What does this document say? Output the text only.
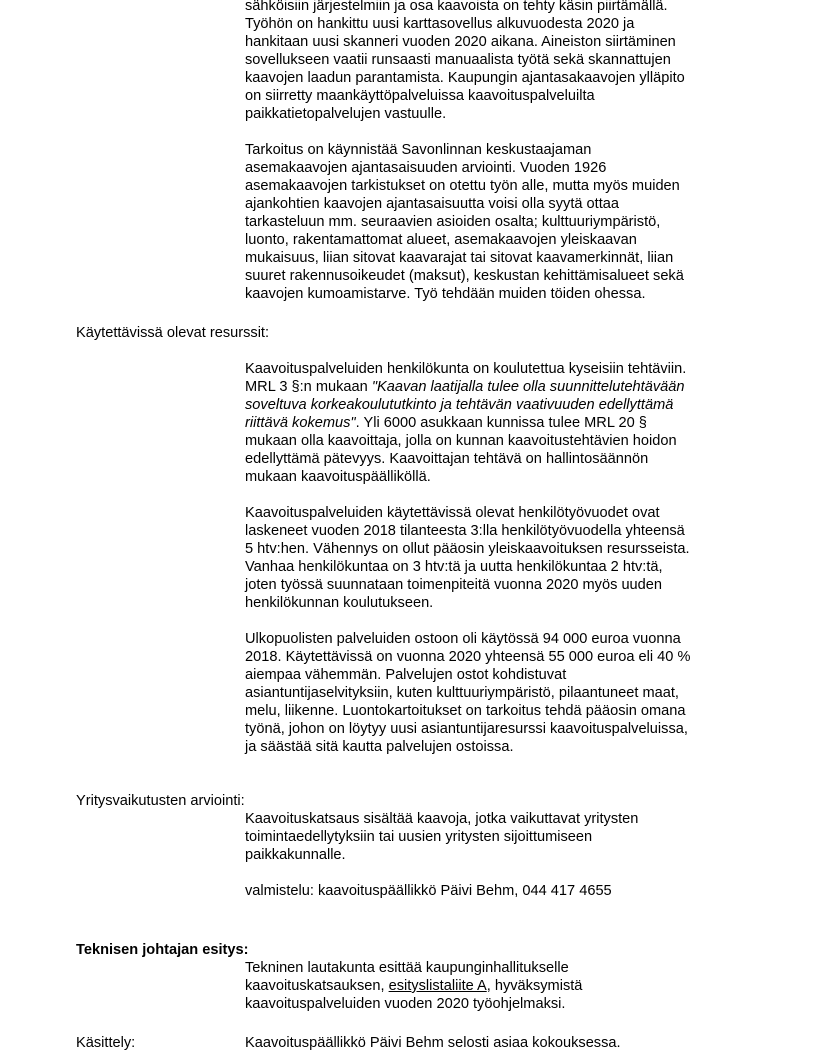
sähköisiin järjestelmiin ja osa kaavoista on tehty käsin piirtämällä.

Työhön on hankittu uusi karttasovellus alkuvuodesta 2020 ja

hankitaan uusi skanneri vuoden 2020 aikana. Aineiston siirtäminen

sovellukseen vaatii runsaasti manuaalista työtä sekä skannattujen

kaavojen laadun parantamista. Kaupungin ajantasakaavojen ylläpito

on siirretty maankäyttöpalveluissa kaavoituspalveluilta

paikkatietopalvelujen vastuulle.

Tarkoitus on käynnistää Savonlinnan keskustaajaman

asemakaavojen ajantasaisuuden arviointi. Vuoden 1926

asemakaavojen tarkistukset on otettu työn alle, mutta myös muiden

ajankohtien kaavojen ajantasaisuutta voisi olla syytä ottaa

tarkasteluun mm. seuraavien asioiden osalta; kulttuuriympäristö,

luonto, rakentamattomat alueet, asemakaavojen yleiskaavan

mukaisuus, liian sitovat kaavarajat tai sitovat kaavamerkinnät, liian

suuret rakennusoikeudet (maksut), keskustan kehittämisalueet sekä

kaavojen kumoamistarve. Työ tehdään muiden töiden ohessa.

Käytettävissä olevat resurssit:

Kaavoituspalveluiden henkilökunta on koulutettua kyseisiin tehtäviin.

MRL 3 §:n mukaan "Kaavan laatijalla tulee olla suunnittelutehtävään

soveltuva korkeakoulututkinto ja tehtävän vaativuuden edellyttämä

riittävä kokemus". Yli 6000 asukkaan kunnissa tulee MRL 20 §

mukaan olla kaavoittaja, jolla on kunnan kaavoitustehtävien hoidon

edellyttämä pätevyys. Kaavoittajan tehtävä on hallintosäännön

mukaan kaavoituspäälliköllä.

Kaavoituspalveluiden käytettävissä olevat henkilötyövuodet ovat

laskeneet vuoden 2018 tilanteesta 3:lla henkilötyövuodella yhteensä

5 htv:hen. Vähennys on ollut pääosin yleiskaavoituksen resursseista.

Vanhaa henkilökuntaa on 3 htv:tä ja uutta henkilökuntaa 2 htv:tä,

joten työssä suunnataan toimenpiteitä vuonna 2020 myös uuden

henkilökunnan koulutukseen.

Ulkopuolisten palveluiden ostoon oli käytössä 94 000 euroa vuonna

2018. Käytettävissä on vuonna 2020 yhteensä 55 000 euroa eli 40 %

aiempaa vähemmän. Palvelujen ostot kohdistuvat

asiantuntijaselvityksiin, kuten kulttuuriympäristö, pilaantuneet maat,

melu, liikenne. Luontokartoitukset on tarkoitus tehdä pääosin omana

työnä, johon on löytyy uusi asiantuntijaresurssi kaavoituspalveluissa,

ja säästää sitä kautta palvelujen ostoissa.

Yritysvaikutusten arviointi:

Kaavoituskatsaus sisältää kaavoja, jotka vaikuttavat yritysten

toimintaedellytyksiin tai uusien yritysten sijoittumiseen

paikkakunnalle.

valmistelu: kaavoituspäällikkö Päivi Behm, 044 417 4655

Teknisen johtajan esitys:

Tekninen lautakunta esittää kaupunginhallitukselle

kaavoituskatsauksen, esityslistaliite A, hyväksymistä

kaavoituspalveluiden vuoden 2020 työohjelmaksi.

Käsittely:	Kaavoituspäällikkö Päivi Behm selosti asiaa kokouksessa.
